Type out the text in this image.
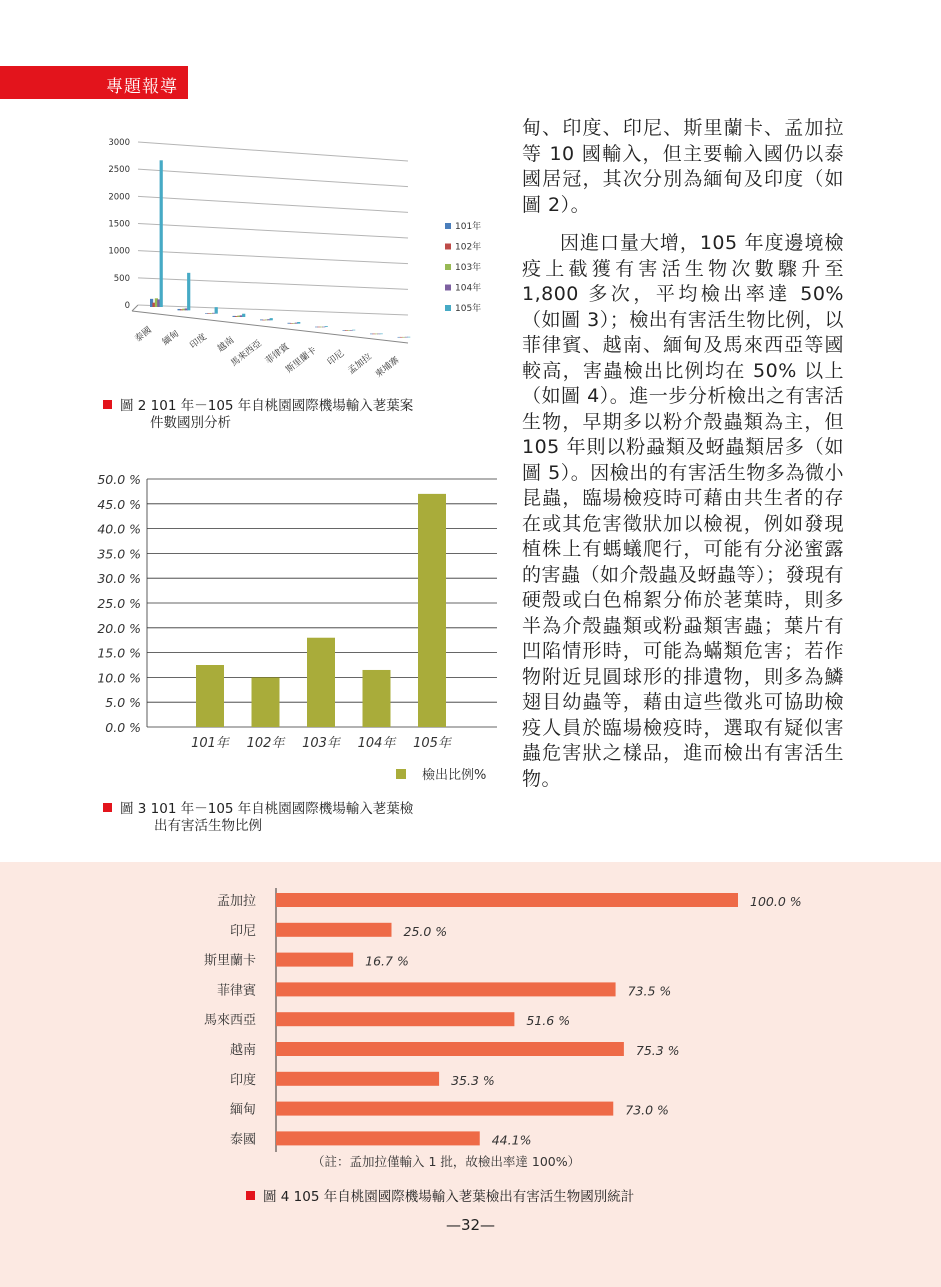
專題報導
0
500
1000
1500
2000
2500
3000
泰國 緬甸 印度 越南
馬來西亞 菲律賓
斯里蘭卡 印尼 孟加拉 柬埔寨
101年
102年
103年
104年
105年
圖 2 101 年－105 年自桃園國際機場輸入荖葉案
件數國別分析
0.0 %
5.0 %
10.0 %
15.0 %
20.0 %
25.0 %
30.0 %
35.0 %
40.0 %
45.0 %
50.0 %
101年 102年 103年 104年 105年
檢出比例%
圖 3 101 年－105 年自桃園國際機場輸入荖葉檢
出有害活生物比例

甸、印度、印尼、斯里蘭卡、孟加拉等 10 國輸入，但主要輸入國仍以泰國居冠，其次分別為緬甸及印度（如圖 2）。

因進口量大增，105 年度邊境檢疫上截獲有害活生物次數驟升至 1,800 多次，平均檢出率達 50%（如圖 3）；檢出有害活生物比例，以菲律賓、越南、緬甸及馬來西亞等國較高，害蟲檢出比例均在 50% 以上（如圖 4）。進一步分析檢出之有害活生物，早期多以粉介殼蟲類為主，但 105 年則以粉蝨類及蚜蟲類居多（如圖 5）。因檢出的有害活生物多為微小昆蟲，臨場檢疫時可藉由共生者的存在或其危害徵狀加以檢視，例如發現植株上有螞蟻爬行，可能有分泌蜜露的害蟲（如介殼蟲及蚜蟲等）；發現有硬殼或白色棉絮分佈於荖葉時，則多半為介殼蟲類或粉蝨類害蟲；葉片有凹陷情形時，可能為蟎類危害；若作物附近見圓球形的排遺物，則多為鱗翅目幼蟲等，藉由這些徵兆可協助檢疫人員於臨場檢疫時，選取有疑似害蟲危害狀之樣品，進而檢出有害活生物。

孟加拉	100.0 %
印尼	25.0 %
斯里蘭卡	16.7 %
菲律賓	73.5 %
馬來西亞	51.6 %
越南	75.3 %
印度	35.3 %
緬甸	73.0 %
泰國	44.1%
（註：孟加拉僅輸入 1 批，故檢出率達 100%）
圖 4 105 年自桃園國際機場輸入荖葉檢出有害活生物國別統計
—32—
